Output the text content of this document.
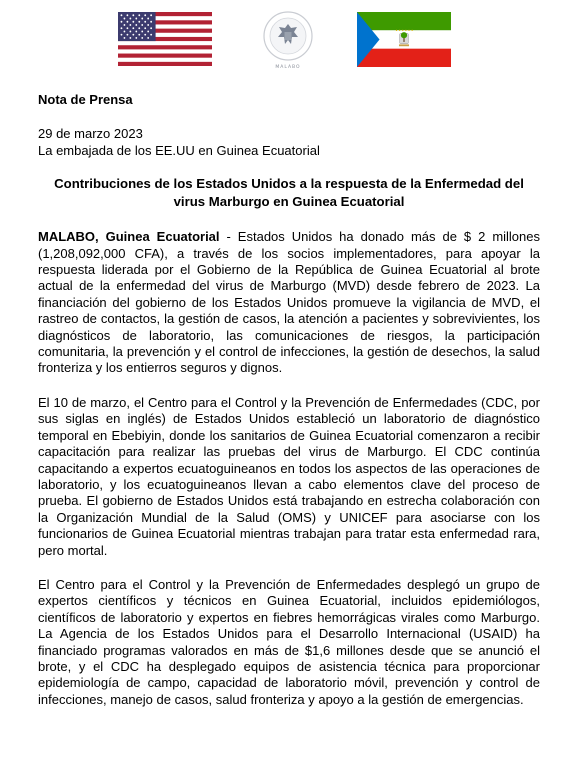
MALABO

Nota de Prensa

29 de marzo 2023
La embajada de los EE.UU en Guinea Ecuatorial

Contribuciones de los Estados Unidos a la respuesta de la Enfermedad del
virus Marburgo en Guinea Ecuatorial

MALABO, Guinea Ecuatorial - Estados Unidos ha donado más de $ 2 millones (1,208,092,000 CFA), a través de los socios implementadores, para apoyar la respuesta liderada por el Gobierno de la República de Guinea Ecuatorial al brote actual de la enfermedad del virus de Marburgo (MVD) desde febrero de 2023. La financiación del gobierno de los Estados Unidos promueve la vigilancia de MVD, el rastreo de contactos, la gestión de casos, la atención a pacientes y sobrevivientes, los diagnósticos de laboratorio, las comunicaciones de riesgos, la participación comunitaria, la prevención y el control de infecciones, la gestión de desechos, la salud fronteriza y los entierros seguros y dignos.

El 10 de marzo, el Centro para el Control y la Prevención de Enfermedades (CDC, por sus siglas en inglés) de Estados Unidos estableció un laboratorio de diagnóstico temporal en Ebebiyin, donde los sanitarios de Guinea Ecuatorial comenzaron a recibir capacitación para realizar las pruebas del virus de Marburgo. El CDC continúa capacitando a expertos ecuatoguineanos en todos los aspectos de las operaciones de laboratorio, y los ecuatoguineanos llevan a cabo elementos clave del proceso de prueba. El gobierno de Estados Unidos está trabajando en estrecha colaboración con la Organización Mundial de la Salud (OMS) y UNICEF para asociarse con los funcionarios de Guinea Ecuatorial mientras trabajan para tratar esta enfermedad rara, pero mortal.

El Centro para el Control y la Prevención de Enfermedades desplegó un grupo de expertos científicos y técnicos en Guinea Ecuatorial, incluidos epidemiólogos, científicos de laboratorio y expertos en fiebres hemorrágicas virales como Marburgo. La Agencia de los Estados Unidos para el Desarrollo Internacional (USAID) ha financiado programas valorados en más de $1,6 millones desde que se anunció el brote, y el CDC ha desplegado equipos de asistencia técnica para proporcionar epidemiología de campo, capacidad de laboratorio móvil, prevención y control de infecciones, manejo de casos, salud fronteriza y apoyo a la gestión de emergencias.
